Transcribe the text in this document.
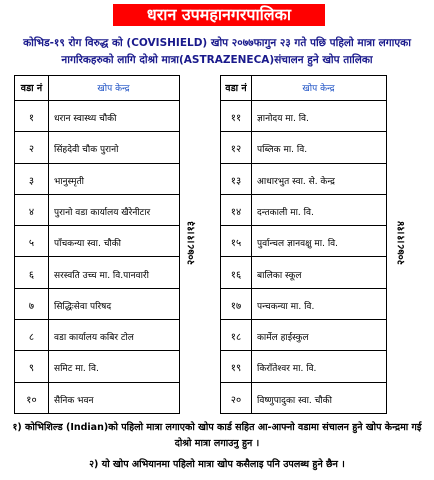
धरान उपमहानगरपालिका
कोभिड-१९ रोग विरुद्ध को (COVISHIELD) खोप २०७७फागुन २३ गते पछि पहिलो मात्रा लगाएका
नागरिकहरुको लागि दोश्रो मात्रा(ASTRAZENECA)संचालन हुने खोप तालिका
वडा नं	खोप केन्द्र
१	धरान स्वास्थ्य चौकी
२	सिंहदेवी चौक पुरानो
३	भानुस्मृती
४	पुरानो वडा कार्यालय खैरेनीटार
५	पाँचकन्या स्वा. चौकी
६	सरस्वति उच्च मा. वि.पानवारी
७	सिद्धिःसेवा परिषद
८	वडा कार्यालय कबिर टोल
९	समिट मा. वि.
१०	सैनिक भवन
वडा नं	खोप केन्द्र
११	ज्ञानोदय मा. वि.
१२	पब्लिक मा. वि.
१३	आधारभुत स्वा. से. केन्द्र
१४	दन्तकाली मा. वि.
१५	पुर्वान्चल ज्ञानवक्षु मा. वि.
१६	बालिका स्कूल
१७	पन्चकन्या मा. वि.
१८	कार्मेल हाईस्कुल
१९	किराँतेश्वर मा. वि.
२०	विष्णुपादुका स्वा. चौकी
२०७८।१।१३	२०७८।१।१४
१) कोभिशिल्ड (Indian)को पहिलो मात्रा लगाएको खोप कार्ड सहित आ-आफ्नो वडामा संचालन हुने खोप केन्द्रमा गई
दोश्रो मात्रा लगाउनु हुन ।
२) यो खोप अभियानमा पहिलो मात्रा खोप कसैलाइ पनि उपलब्ध हुने छैन ।
